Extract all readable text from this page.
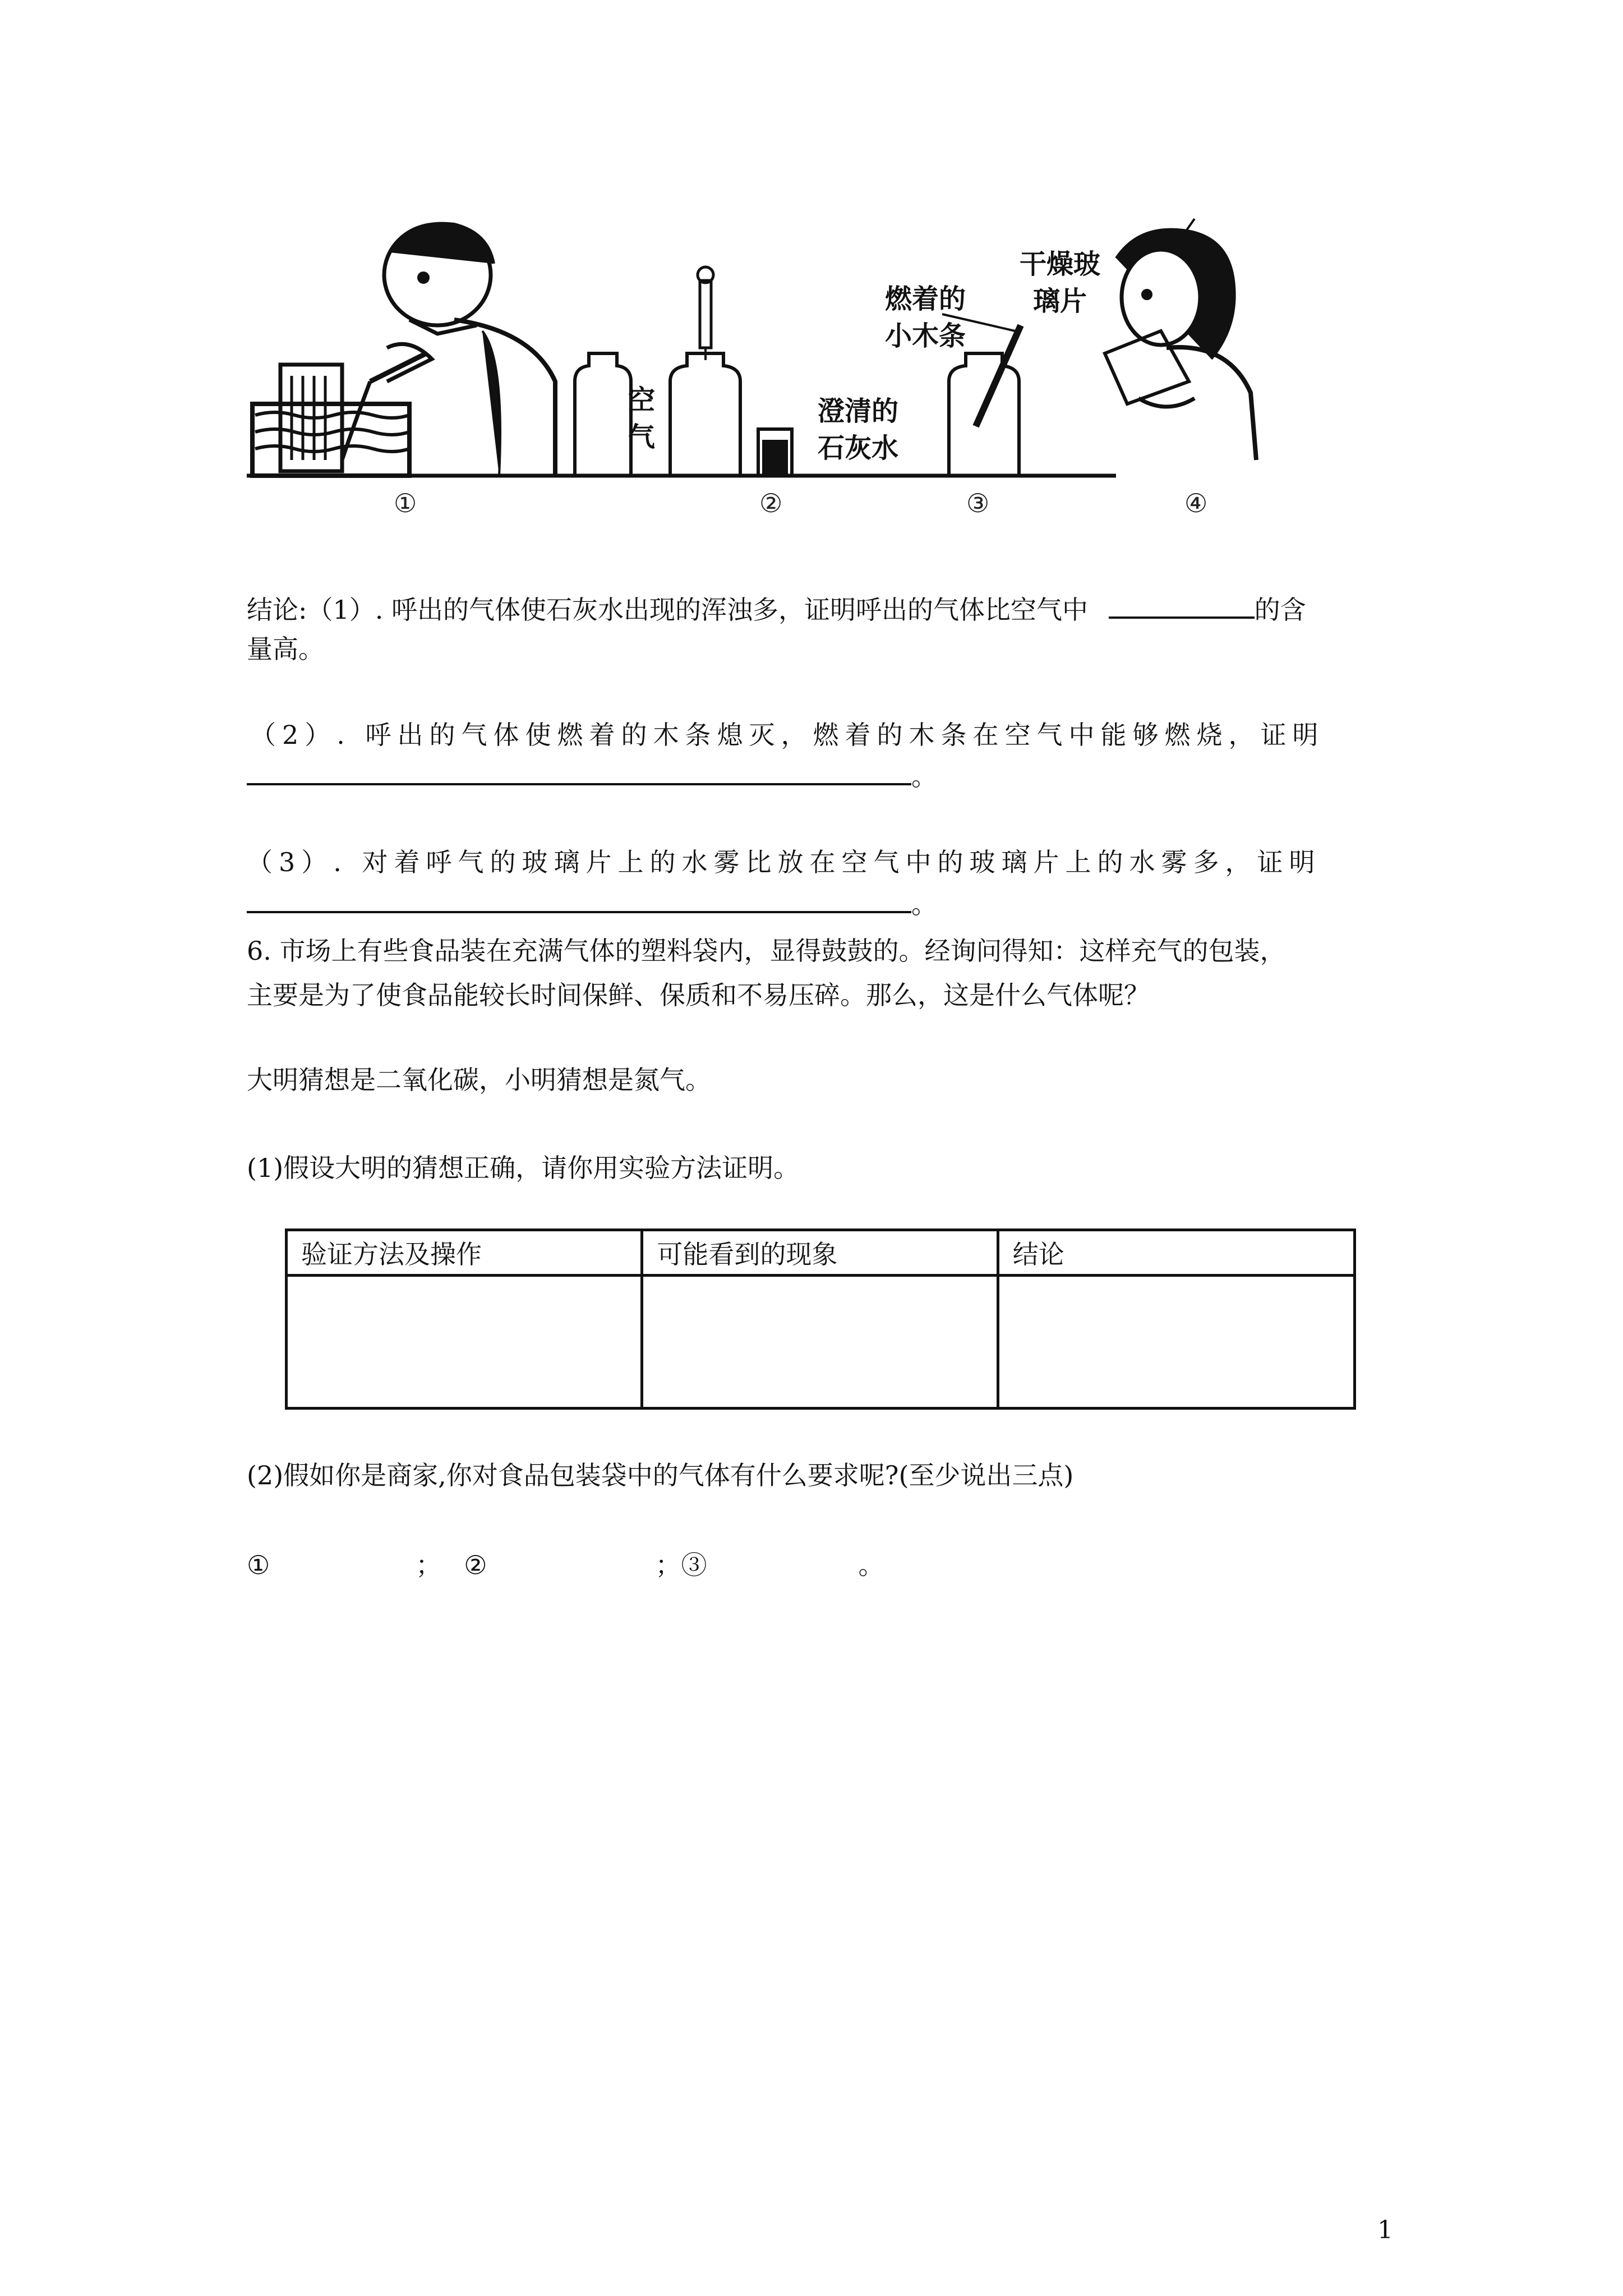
空
气
澄清的
石灰水
燃着的
小木条
干燥玻
璃片
①	②	③	④
结论:（1）. 呼出的气体使石灰水出现的浑浊多，证明呼出的气体比空气中	的含
量高。
（2）. 呼出的气体使燃着的木条熄灭，燃着的木条在空气中能够燃烧，证明
。
（3）. 对着呼气的玻璃片上的水雾比放在空气中的玻璃片上的水雾多，证明
。
6. 市场上有些食品装在充满气体的塑料袋内，显得鼓鼓的。经询问得知：这样充气的包装，
主要是为了使食品能较长时间保鲜、保质和不易压碎。那么，这是什么气体呢？
大明猜想是二氧化碳，小明猜想是氮气。
(1)假设大明的猜想正确，请你用实验方法证明。
验证方法及操作	可能看到的现象	结论

(2)假如你是商家,你对食品包装袋中的气体有什么要求呢?(至少说出三点)
①	； ②	；③	。
1
